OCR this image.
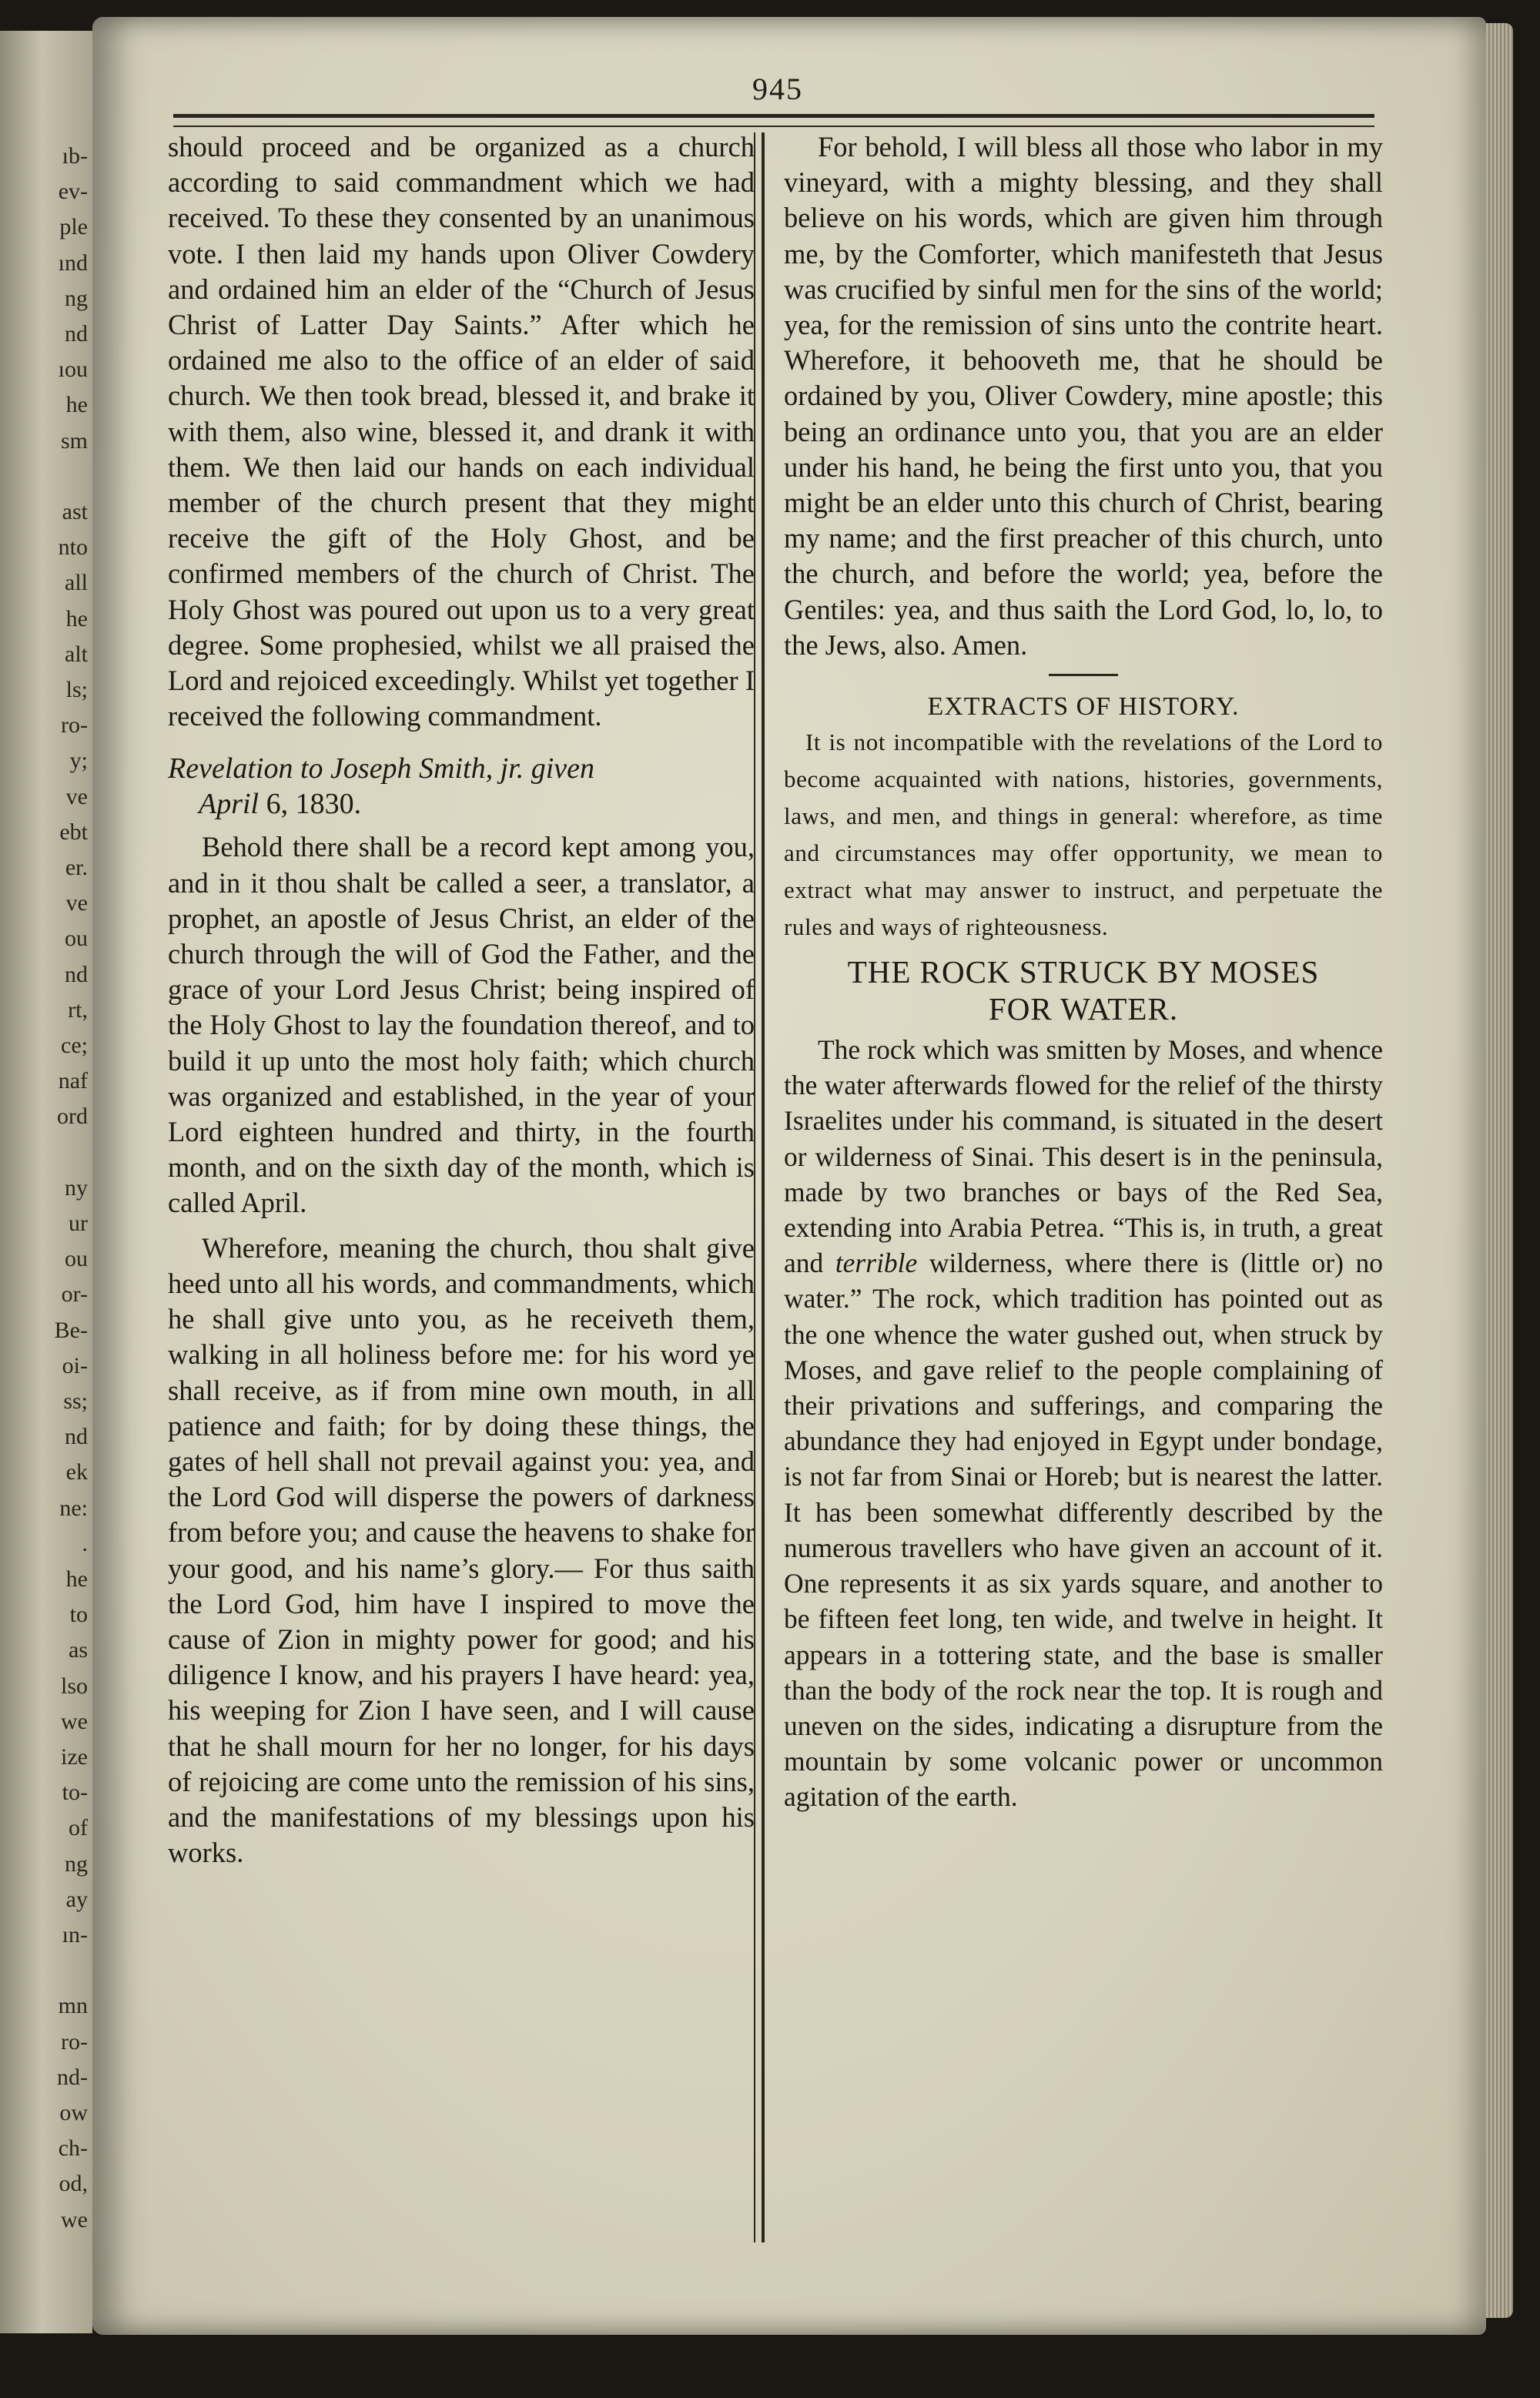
ıb-
ev-
ple
ınd
ng
nd
ıou
he
sm
ast
nto
all
he
alt
ls;
ro-
y;
ve
ebt
er.
ve
ou
nd
rt,
ce;
naf
ord
ny
ur
ou
or-
Be-
oi-
ss;
nd
ek
ne:
.
he
to
as
lso
we
ize
to-
of
ng
ay
ın-
mn
ro-
nd-
ow
ch-
od,
we
945

should proceed and be organized as a church according to said commandment which we had received. To these they consented by an unanimous vote. I then laid my hands upon Oliver Cowdery and ordained him an elder of the “Church of Jesus Christ of Latter Day Saints.” After which he ordained me also to the office of an elder of said church. We then took bread, blessed it, and brake it with them, also wine, blessed it, and drank it with them. We then laid our hands on each individual member of the church present that they might receive the gift of the Holy Ghost, and be confirmed members of the church of Christ. The Holy Ghost was poured out upon us to a very great degree. Some prophesied, whilst we all praised the Lord and rejoiced exceedingly. Whilst yet together I received the following commandment.

Revelation to Joseph Smith, jr. given
April 6, 1830.

Behold there shall be a record kept among you, and in it thou shalt be called a seer, a translator, a prophet, an apostle of Jesus Christ, an elder of the church through the will of God the Father, and the grace of your Lord Jesus Christ; being inspired of the Holy Ghost to lay the foundation thereof, and to build it up unto the most holy faith; which church was organized and established, in the year of your Lord eighteen hundred and thirty, in the fourth month, and on the sixth day of the month, which is called April.

Wherefore, meaning the church, thou shalt give heed unto all his words, and commandments, which he shall give unto you, as he receiveth them, walking in all holiness before me: for his word ye shall receive, as if from mine own mouth, in all patience and faith; for by doing these things, the gates of hell shall not prevail against you: yea, and the Lord God will disperse the powers of darkness from before you; and cause the heavens to shake for your good, and his name’s glory.— For thus saith the Lord God, him have I inspired to move the cause of Zion in mighty power for good; and his diligence I know, and his prayers I have heard: yea, his weeping for Zion I have seen, and I will cause that he shall mourn for her no longer, for his days of rejoicing are come unto the remission of his sins, and the manifestations of my blessings upon his works.

For behold, I will bless all those who labor in my vineyard, with a mighty blessing, and they shall believe on his words, which are given him through me, by the Comforter, which manifesteth that Jesus was crucified by sinful men for the sins of the world; yea, for the remission of sins unto the contrite heart. Wherefore, it behooveth me, that he should be ordained by you, Oliver Cowdery, mine apostle; this being an ordinance unto you, that you are an elder under his hand, he being the first unto you, that you might be an elder unto this church of Christ, bearing my name; and the first preacher of this church, unto the church, and before the world; yea, before the Gentiles: yea, and thus saith the Lord God, lo, lo, to the Jews, also. Amen.

EXTRACTS OF HISTORY.

It is not incompatible with the revelations of the Lord to become acquainted with nations, histories, governments, laws, and men, and things in general: wherefore, as time and circumstances may offer opportunity, we mean to extract what may answer to instruct, and perpetuate the rules and ways of righteousness.

THE ROCK STRUCK BY MOSES
FOR WATER.

The rock which was smitten by Moses, and whence the water afterwards flowed for the relief of the thirsty Israelites under his command, is situated in the desert or wilderness of Sinai. This desert is in the peninsula, made by two branches or bays of the Red Sea, extending into Arabia Petrea. “This is, in truth, a great and terrible wilderness, where there is (little or) no water.” The rock, which tradition has pointed out as the one whence the water gushed out, when struck by Moses, and gave relief to the people complaining of their privations and sufferings, and comparing the abundance they had enjoyed in Egypt under bondage, is not far from Sinai or Horeb; but is nearest the latter. It has been somewhat differently described by the numerous travellers who have given an account of it. One represents it as six yards square, and another to be fifteen feet long, ten wide, and twelve in height. It appears in a tottering state, and the base is smaller than the body of the rock near the top. It is rough and uneven on the sides, indicating a disrupture from the mountain by some volcanic power or uncommon agitation of the earth.
